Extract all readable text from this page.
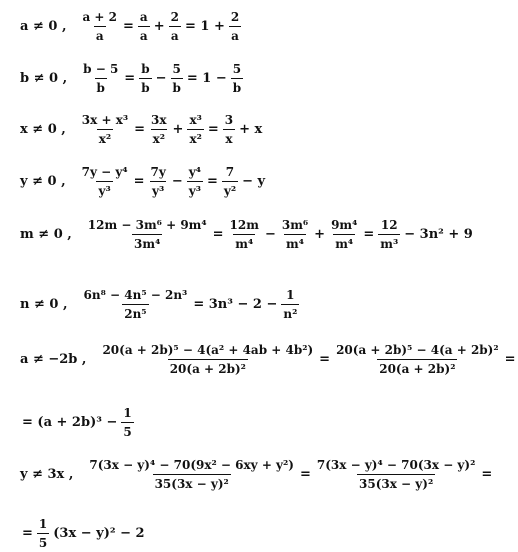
a ≠ 0 , $\frac{a + 2}{a} = \frac{a}{a} + \frac{2}{a} = 1 + \frac{2}{a}$
b ≠ 0 , $\frac{b - 5}{b} = \frac{b}{b} - \frac{5}{b} = 1 - \frac{5}{b}$
x ≠ 0 , $\frac{\text{3x + x³}}{\text{x²}} = \frac{3x}{\text{x²}} + \frac{\text{x³}}{\text{x²}} = \frac{3}{x} + x$
y ≠ 0 , $\frac{\text{7y − y⁴}}{\text{y³}} = \frac{7y}{\text{y³}} - \frac{\text{y⁴}}{\text{y³}} = \frac{7}{\text{y²}} - y$
m ≠ 0 , $\frac{\text{12m − 3m⁶ + 9m⁴}}{\text{3m⁴}} = \frac{12m}{\text{m⁴}} - \frac{\text{3m⁶}}{\text{m⁴}} + \frac{\text{9m⁴}}{\text{m⁴}} = \frac{12}{\text{m³}} - 3n^2 + 9$
n ≠ 0 , $\frac{\text{6n⁸ − 4n⁵ − 2n³}}{\text{2n⁵}} = 3n^3 - 2 - \frac{1}{\text{n²}}$
a ≠ −2b , $\frac{\text{20(a + 2b)⁵ − 4(a² + 4ab + 4b²)}}{\text{20(a + 2b)²}} = \frac{\text{20(a + 2b)⁵ − 4(a + 2b)²}}{\text{20(a + 2b)²}}$ =
= $(a + 2b)^3 - \frac{1}{5}$
y ≠ 3x , $\frac{\text{7(3x − y)⁴ − 70(9x² − 6xy + y²)}}{\text{35(3x − y)²}} = \frac{\text{7(3x − y)⁴ − 70(3x − y)²}}{\text{35(3x − y)²}}$ =
= $\frac{1}{5} (3x - y)^2 - 2$
